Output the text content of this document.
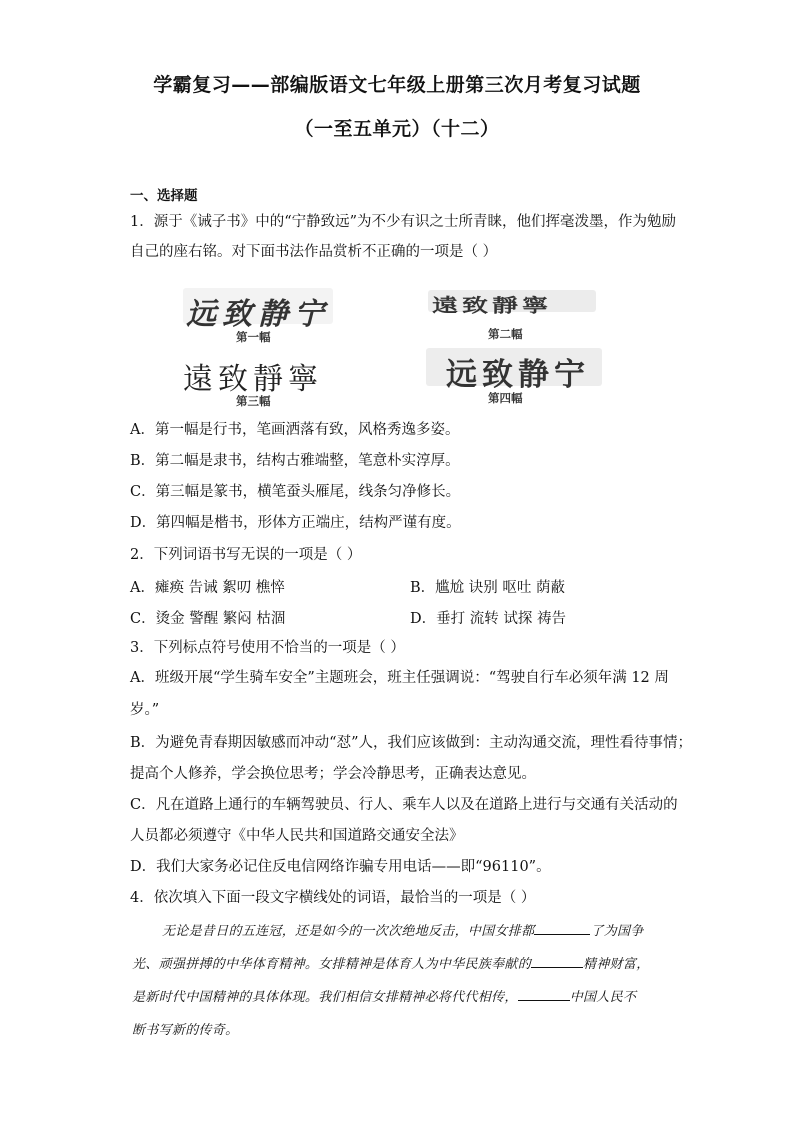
学霸复习——部编版语文七年级上册第三次月考复习试题
（一至五单元）（十二）
一、选择题
1．源于《诫子书》中的“宁静致远”为不少有识之士所青睐，他们挥毫泼墨，作为勉励
自己的座右铭。对下面书法作品赏析不正确的一项是（ ）
远致静宁
第一幅
遠致靜寧
第二幅
遠致靜寧
第三幅
远致静宁
第四幅
A．第一幅是行书，笔画洒落有致，风格秀逸多姿。
B．第二幅是隶书，结构古雅端整，笔意朴实淳厚。
C．第三幅是篆书，横笔蚕头雁尾，线条匀净修长。
D．第四幅是楷书，形体方正端庄，结构严谨有度。
2．下列词语书写无误的一项是（ ）
A．瘫痪 告诫 絮叨 樵悴	B．尴尬 诀别 呕吐 荫蔽
C．烫金 警醒 繁闷 枯涸	D．垂打 流转 试探 祷告
3．下列标点符号使用不恰当的一项是（ ）
A．班级开展“学生骑车安全”主题班会，班主任强调说：“驾驶自行车必须年满 12 周
岁。”
B．为避免青春期因敏感而冲动“怼”人，我们应该做到：主动沟通交流，理性看待事情；
提高个人修养，学会换位思考；学会冷静思考，正确表达意见。
C．凡在道路上通行的车辆驾驶员、行人、乘车人以及在道路上进行与交通有关活动的
人员都必须遵守《中华人民共和国道路交通安全法》
D．我们大家务必记住反电信网络诈骗专用电话——即“96110”。
4．依次填入下面一段文字横线处的词语，最恰当的一项是（ ）
无论是昔日的五连冠，还是如今的一次次绝地反击，中国女排都	了为国争
光、顽强拼搏的中华体育精神。女排精神是体育人为中华民族奉献的	精神财富，
是新时代中国精神的具体体现。我们相信女排精神必将代代相传，	中国人民不
断书写新的传奇。
